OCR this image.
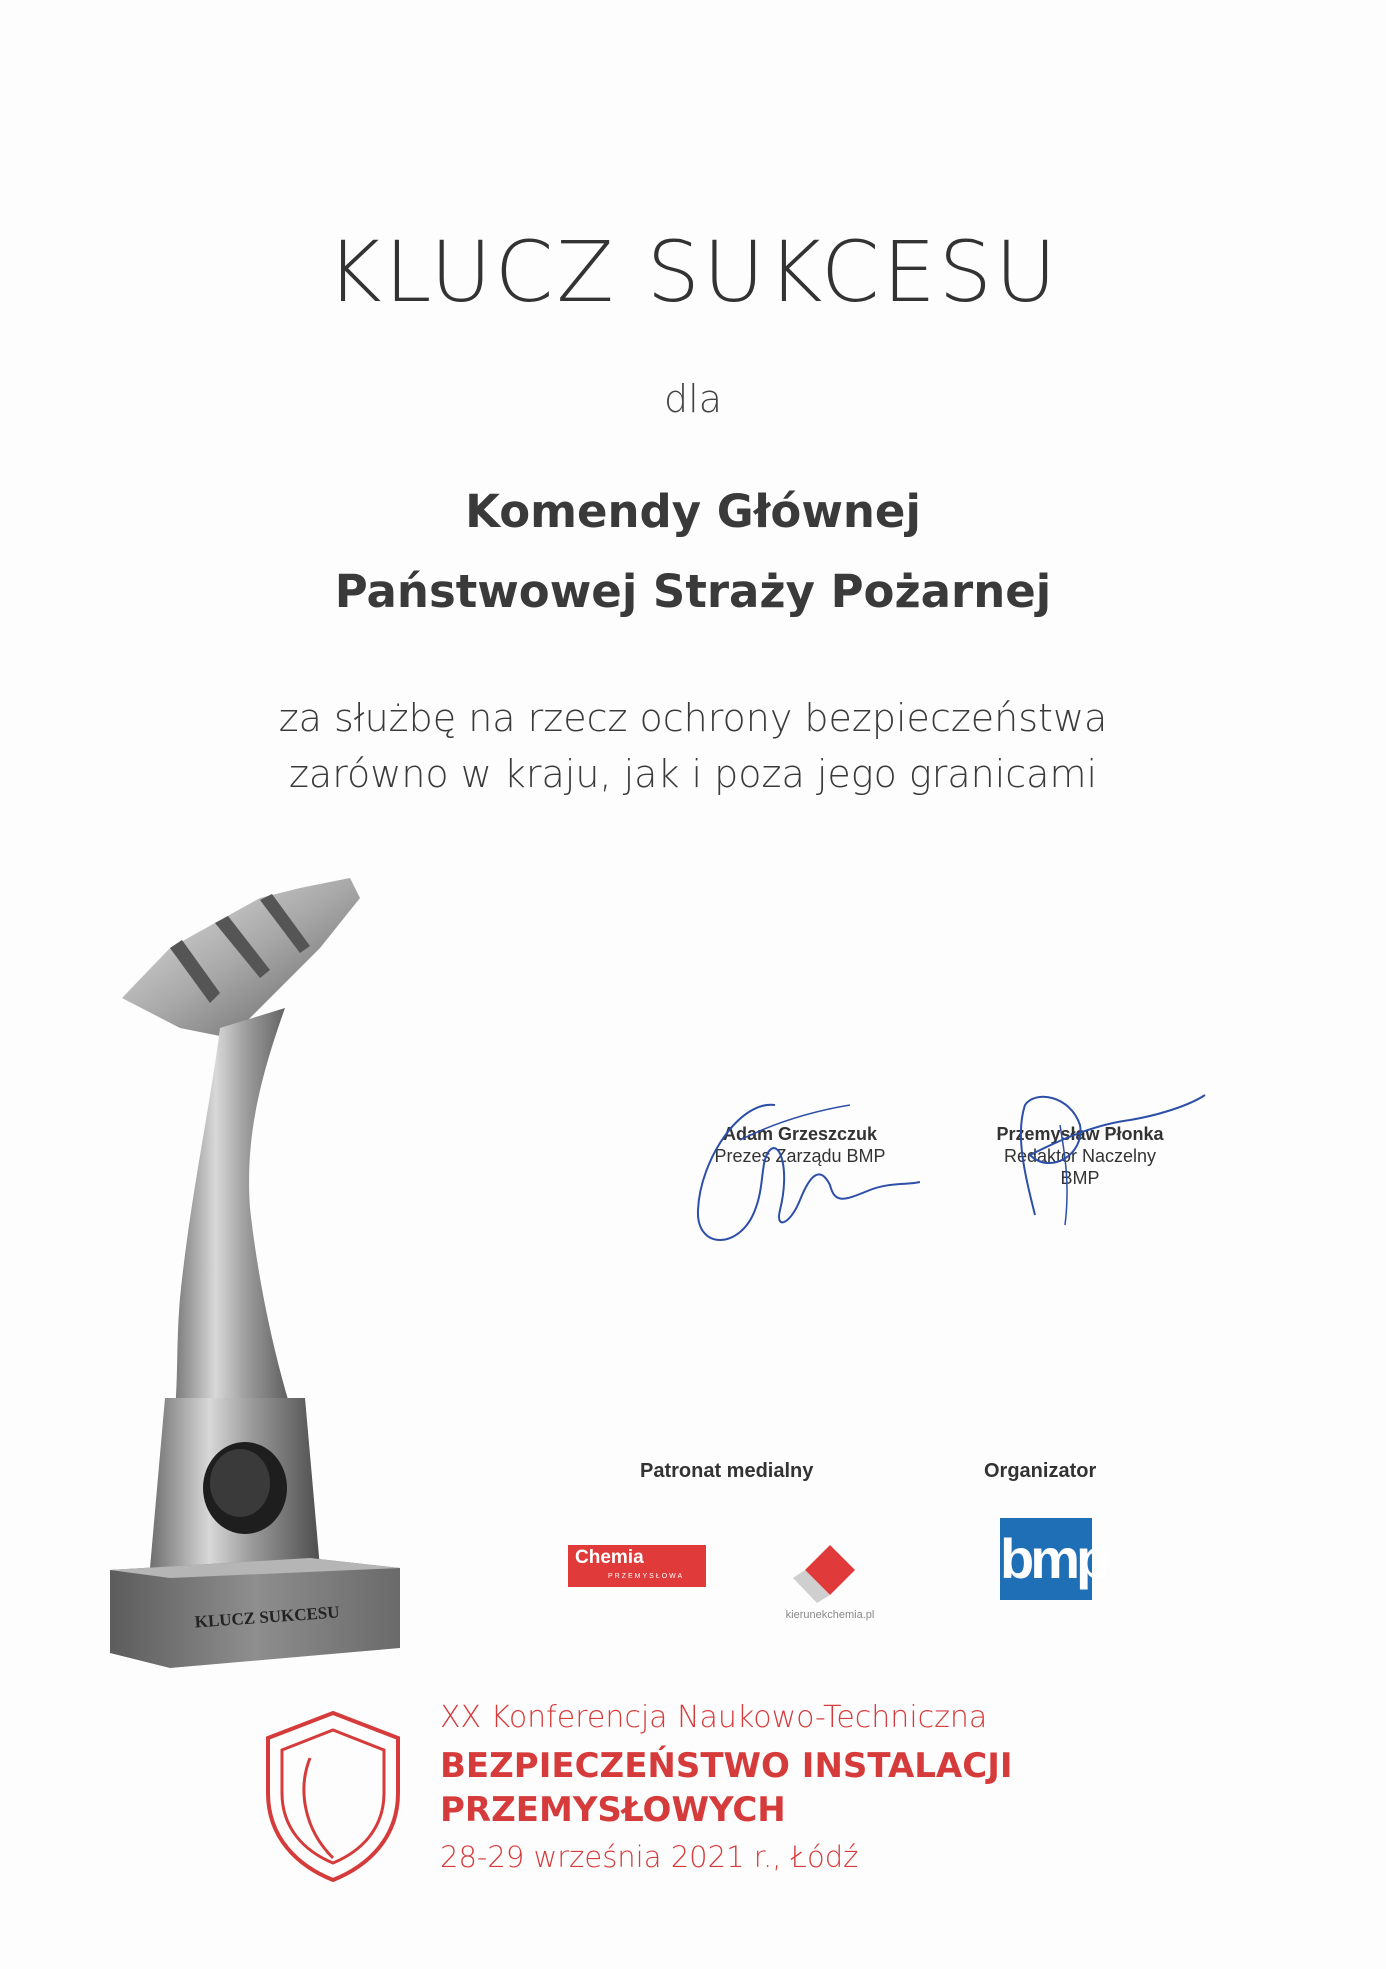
KLUCZ SUKCESU
dla
Komendy Głównej
Państwowej Straży Pożarnej
za służbę na rzecz ochrony bezpieczeństwa
zarówno w kraju, jak i poza jego granicami
KLUCZ SUKCESU
Adam Grzeszczuk
Prezes Zarządu BMP
Przemysław Płonka
Redaktor Naczelny
BMP
Patronat medialny	Organizator
Chemia
PRZEMYSŁOWA
kierunekchemia.pl
bmp
XX Konferencja Naukowo-Techniczna
BEZPIECZEŃSTWO INSTALACJI
PRZEMYSŁOWYCH
28-29 września 2021 r., Łódź
